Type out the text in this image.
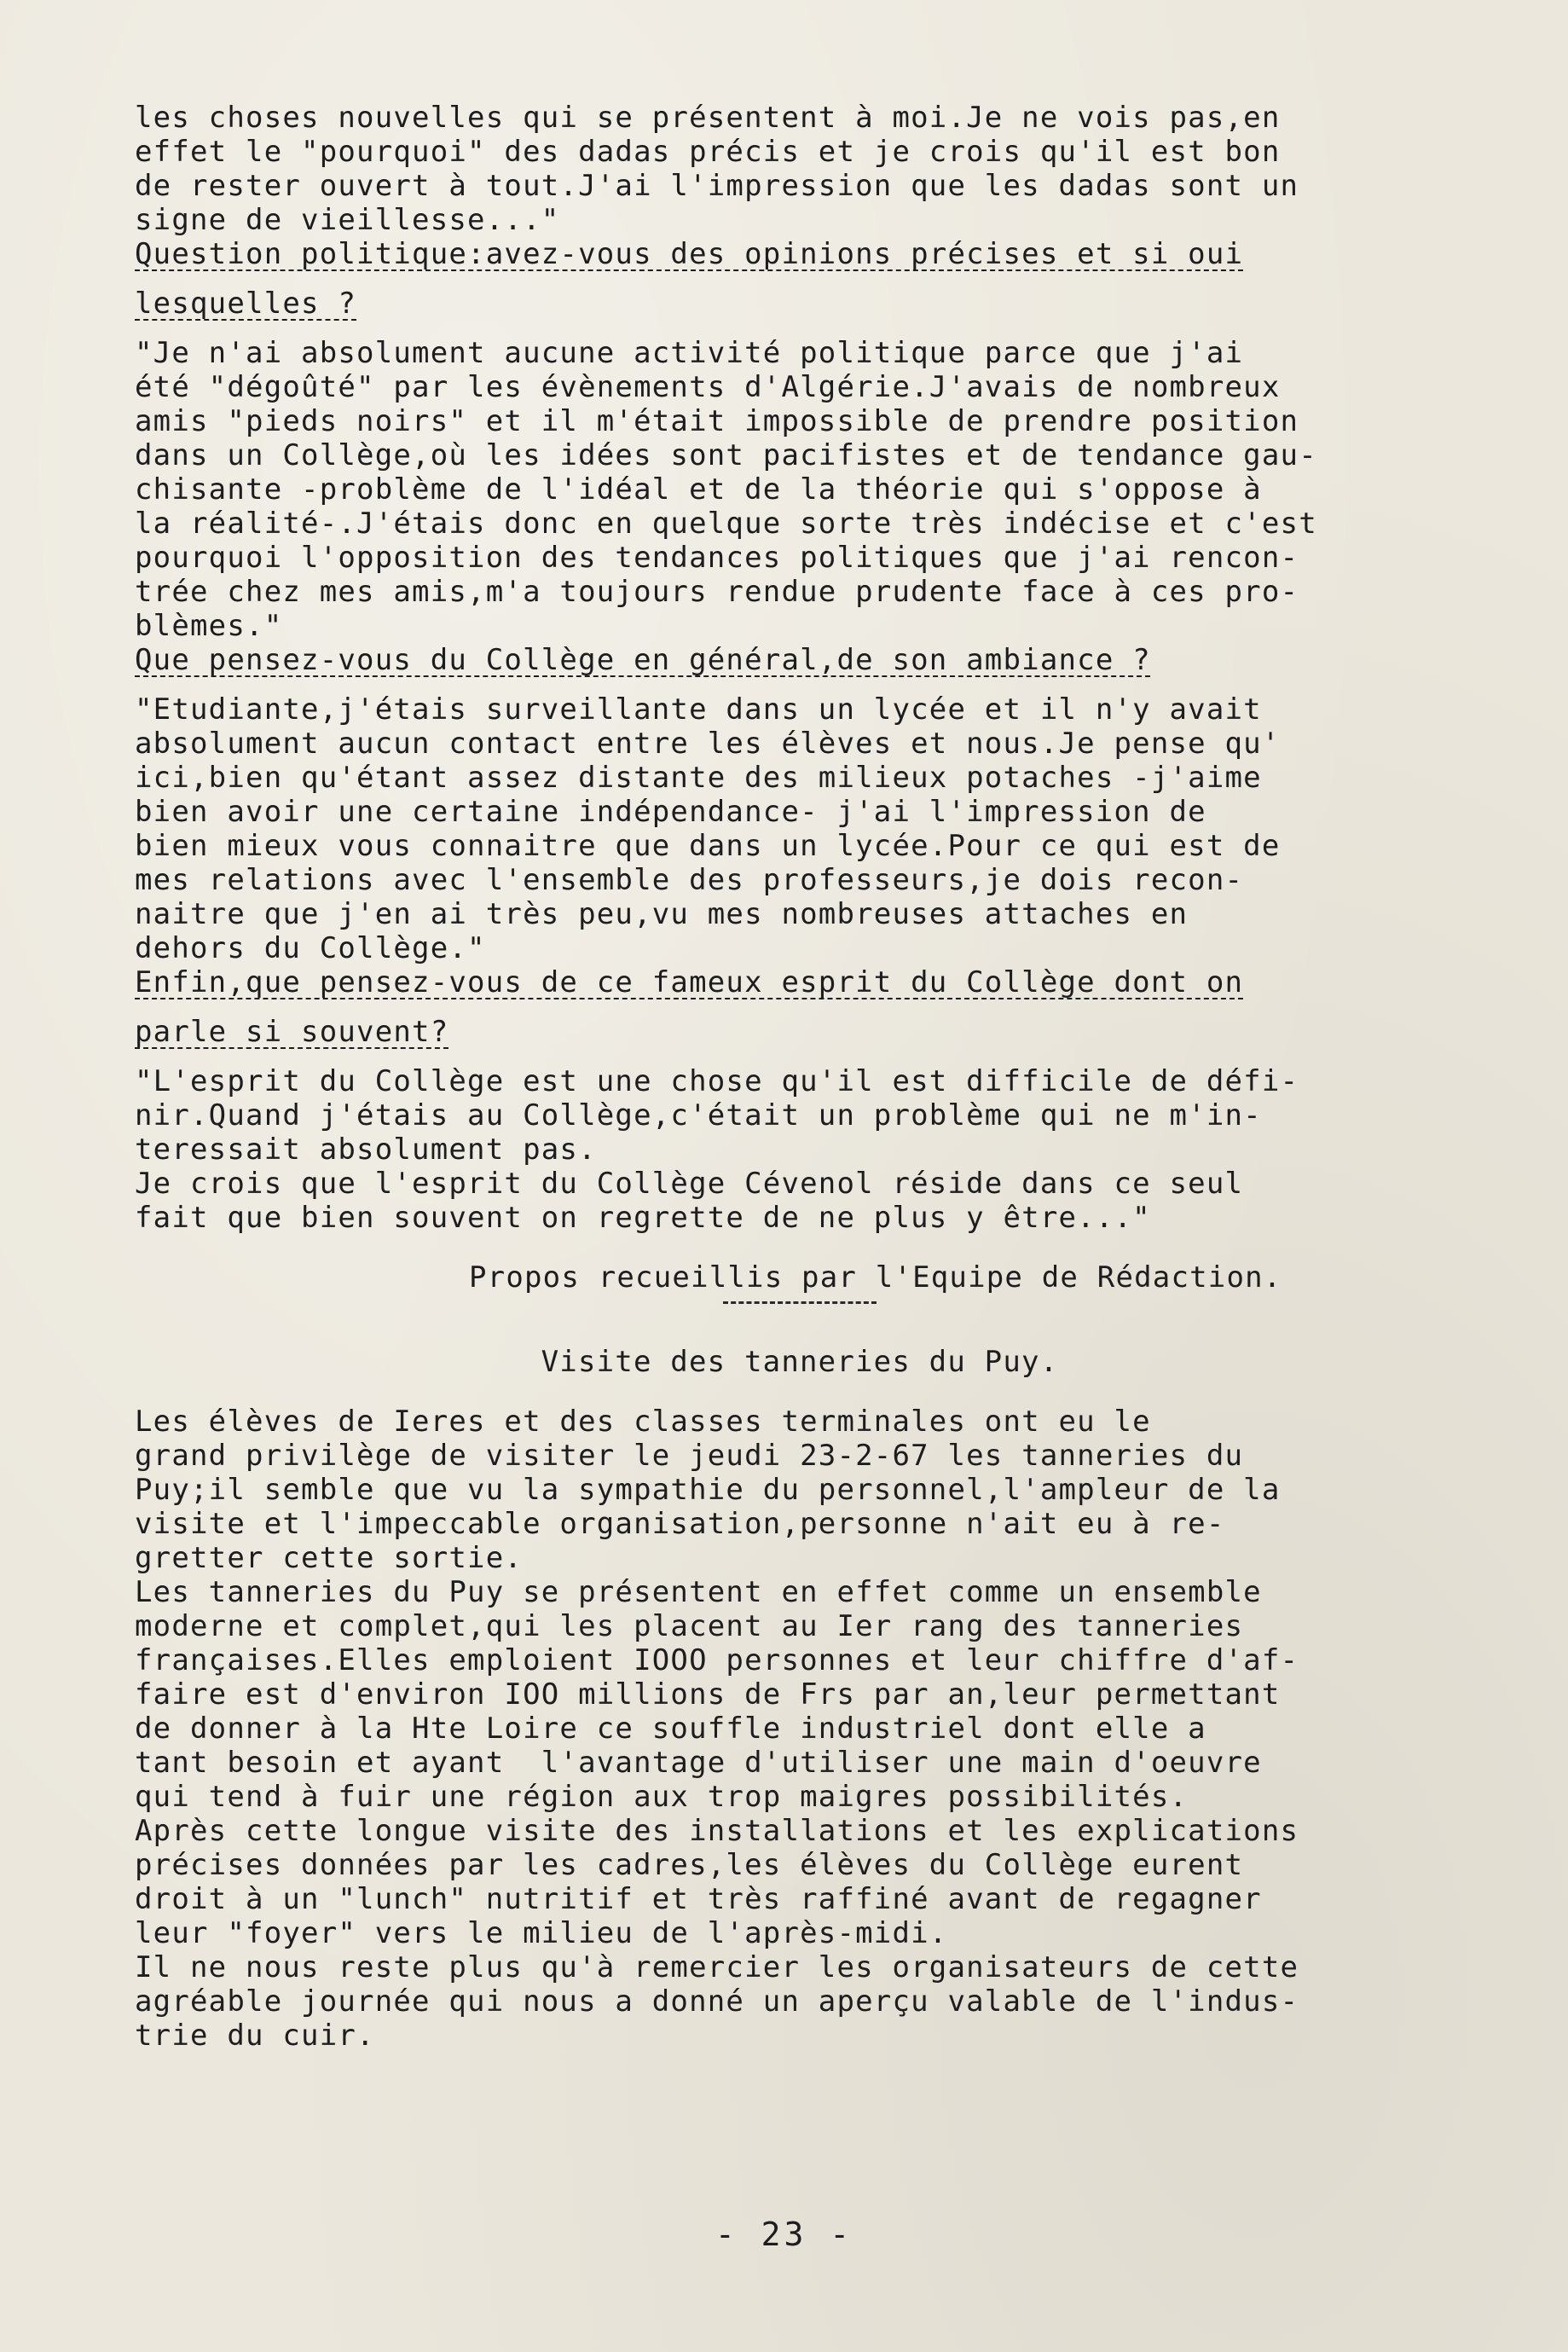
les choses nouvelles qui se présentent à moi.Je ne vois pas,en
effet le "pourquoi" des dadas précis et je crois qu'il est bon
de rester ouvert à tout.J'ai l'impression que les dadas sont un
signe de vieillesse..."
Question politique:avez-vous des opinions précises et si oui
lesquelles ?
"Je n'ai absolument aucune activité politique parce que j'ai
été "dégoûté" par les évènements d'Algérie.J'avais de nombreux
amis "pieds noirs" et il m'était impossible de prendre position
dans un Collège,où les idées sont pacifistes et de tendance gau-
chisante -problème de l'idéal et de la théorie qui s'oppose à
la réalité-.J'étais donc en quelque sorte très indécise et c'est
pourquoi l'opposition des tendances politiques que j'ai rencon-
trée chez mes amis,m'a toujours rendue prudente face à ces pro-
blèmes."
Que pensez-vous du Collège en général,de son ambiance ?
"Etudiante,j'étais surveillante dans un lycée et il n'y avait
absolument aucun contact entre les élèves et nous.Je pense qu'
ici,bien qu'étant assez distante des milieux potaches -j'aime
bien avoir une certaine indépendance- j'ai l'impression de
bien mieux vous connaitre que dans un lycée.Pour ce qui est de
mes relations avec l'ensemble des professeurs,je dois recon-
naitre que j'en ai très peu,vu mes nombreuses attaches en
dehors du Collège."
Enfin,que pensez-vous de ce fameux esprit du Collège dont on
parle si souvent?
"L'esprit du Collège est une chose qu'il est difficile de défi-
nir.Quand j'étais au Collège,c'était un problème qui ne m'in-
teressait absolument pas.
Je crois que l'esprit du Collège Cévenol réside dans ce seul
fait que bien souvent on regrette de ne plus y être..."
Propos recueillis par l'Equipe de Rédaction.
Visite des tanneries du Puy.
Les élèves de Ieres et des classes terminales ont eu le
grand privilège de visiter le jeudi 23-2-67 les tanneries du
Puy;il semble que vu la sympathie du personnel,l'ampleur de la
visite et l'impeccable organisation,personne n'ait eu à re-
gretter cette sortie.
Les tanneries du Puy se présentent en effet comme un ensemble
moderne et complet,qui les placent au Ier rang des tanneries
françaises.Elles emploient IOOO personnes et leur chiffre d'af-
faire est d'environ IOO millions de Frs par an,leur permettant
de donner à la Hte Loire ce souffle industriel dont elle a
tant besoin et ayant  l'avantage d'utiliser une main d'oeuvre
qui tend à fuir une région aux trop maigres possibilités.
Après cette longue visite des installations et les explications
précises données par les cadres,les élèves du Collège eurent
droit à un "lunch" nutritif et très raffiné avant de regagner
leur "foyer" vers le milieu de l'après-midi.
Il ne nous reste plus qu'à remercier les organisateurs de cette
agréable journée qui nous a donné un aperçu valable de l'indus-
trie du cuir.
- 23 -
